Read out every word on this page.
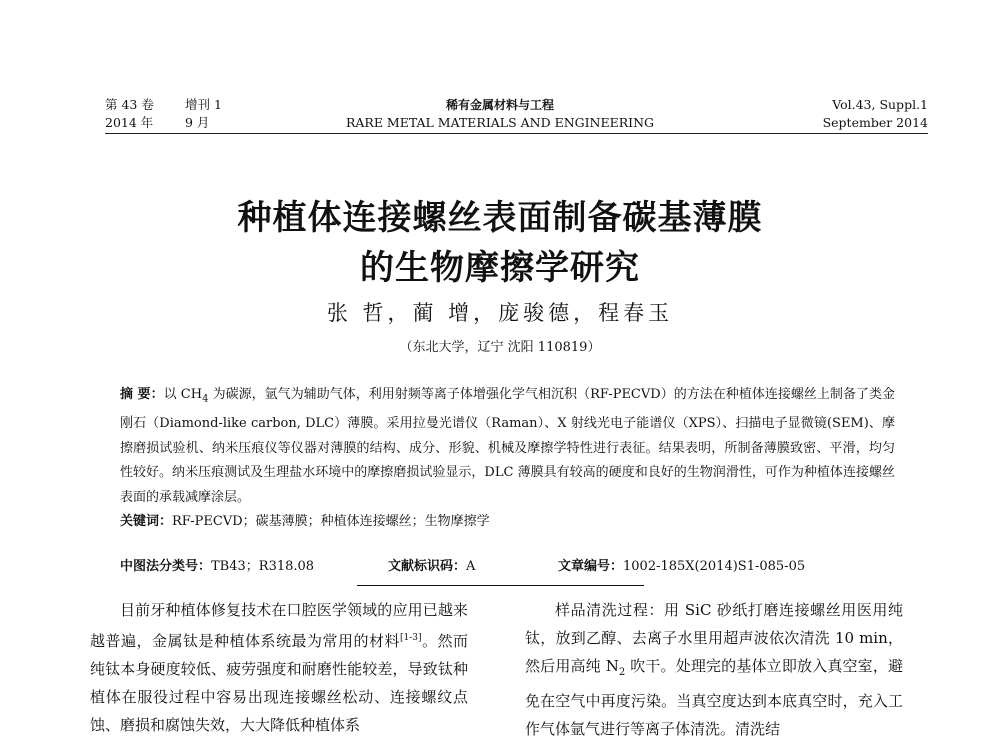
第 43 卷 增刊 1
2014 年	9 月
稀有金属材料与工程
RARE METAL MATERIALS AND ENGINEERING
Vol.43, Suppl.1
September 2014
种植体连接螺丝表面制备碳基薄膜
的生物摩擦学研究
张 哲，蔺 增，庞骏德，程春玉
（东北大学，辽宁 沈阳 110819）

摘 要：以 $CH_4$ 为碳源，氩气为辅助气体，利用射频等离子体增强化学气相沉积（RF-PECVD）的方法在种植体连接螺丝上制备了类金刚石（Diamond-like carbon, DLC）薄膜。采用拉曼光谱仪（Raman）、X 射线光电子能谱仪（XPS）、扫描电子显微镜(SEM)、摩擦磨损试验机、纳米压痕仪等仪器对薄膜的结构、成分、形貌、机械及摩擦学特性进行表征。结果表明，所制备薄膜致密、平滑，均匀性较好。纳米压痕测试及生理盐水环境中的摩擦磨损试验显示，DLC 薄膜具有较高的硬度和良好的生物润滑性，可作为种植体连接螺丝表面的承载减摩涂层。

关键词：RF-PECVD；碳基薄膜；种植体连接螺丝；生物摩擦学

中图法分类号：TB43；R318.08	文献标识码：A	文章编号：1002-185X(2014)S1-085-05

目前牙种植体修复技术在口腔医学领域的应用已越来越普遍，金属钛是种植体系统最为常用的材料[1-3]。然而纯钛本身硬度较低、疲劳强度和耐磨性能较差，导致钛种植体在服役过程中容易出现连接螺丝松动、连接螺纹点蚀、磨损和腐蚀失效，大大降低种植体系

样品清洗过程：用 SiC 砂纸打磨连接螺丝用医用纯钛，放到乙醇、去离子水里用超声波依次清洗 10 min，然后用高纯 $N_2$ 吹干。处理完的基体立即放入真空室，避免在空气中再度污染。当真空度达到本底真空时，充入工作气体氩气进行等离子体清洗。清洗结
